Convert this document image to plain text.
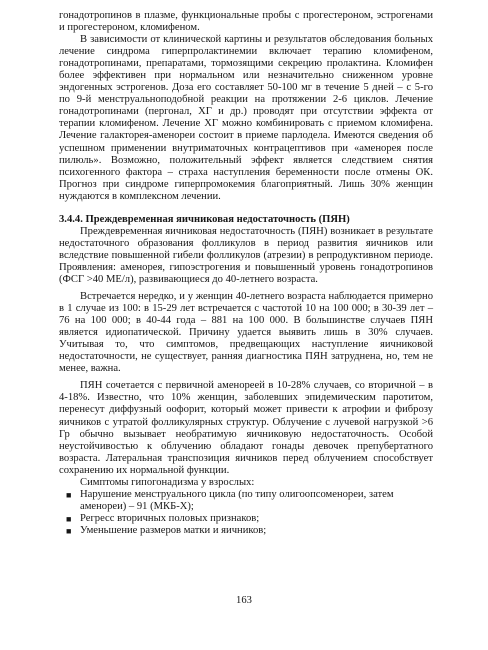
гонадотропинов в плазме, функциональные пробы с прогестероном, эстрогенами и прогестероном, кломифеном.

В зависимости от клинической картины и результатов обследования больных лечение синдрома гиперпролактинемии включает терапию кломифеном, гонадотропинами, препаратами, тормозящими секрецию пролактина. Кломифен более эффективен при нормальном или незначительно сниженном уровне эндогенных эстрогенов. Доза его составляет 50-100 мг в течение 5 дней – с 5-го по 9-й менструальноподобной реакции на протяжении 2-6 циклов. Лечение гонадотропинами (пергонал, ХГ и др.) проводят при отсутствии эффекта от терапии кломифеном. Лечение ХГ можно комбинировать с приемом кломифена. Лечение галакторея-аменореи состоит в приеме парлодела. Имеются сведения об успешном применении внутриматочных контрацептивов при «аменорея после пилюль». Возможно, положительный эффект является следствием снятия психогенного фактора – страха наступления беременности после отмены ОК. Прогноз при синдроме гиперпромокемия благоприятный. Лишь 30% женщин нуждаются в комплексном лечении.

3.4.4. Преждевременная яичниковая недостаточность (ПЯН)

Преждевременная яичниковая недостаточность (ПЯН) возникает в результате недостаточного образования фолликулов в период развития яичников или вследствие повышенной гибели фолликулов (атрезии) в репродуктивном периоде. Проявления: аменорея, гипоэстрогения и повышенный уровень гонадотропинов (ФСГ >40 МЕ/л), развивающиеся до 40-летнего возраста.

Встречается нередко, и у женщин 40-летнего возраста наблюдается примерно в 1 случае из 100: в 15-29 лет встречается с частотой 10 на 100 000; в 30-39 лет – 76 на 100 000; в 40-44 года – 881 на 100 000. В большинстве случаев ПЯН является идиопатической. Причину удается выявить лишь в 30% случаев. Учитывая то, что симптомов, предвещающих наступление яичниковой недостаточности, не существует, ранняя диагностика ПЯН затруднена, но, тем не менее, важна.

ПЯН сочетается с первичной аменореей в 10-28% случаев, со вторичной – в 4-18%. Известно, что 10% женщин, заболевших эпидемическим паротитом, перенесут диффузный оофорит, который может привести к атрофии и фиброзу яичников с утратой фолликулярных структур. Облучение с лучевой нагрузкой >6 Гр обычно вызывает необратимую яичниковую недостаточность. Особой неустойчивостью к облучению обладают гонады девочек препубертатного возраста. Латеральная транспозиция яичников перед облучением способствует сохранению их нормальной функции.

Симптомы гипогонадизма у взрослых:

■ Нарушение менструального цикла (по типу олигоопсоменореи, затем аменореи) – 91 (МКБ-X);
■ Регресс вторичных половых признаков;
■ Уменьшение размеров матки и яичников;
163
